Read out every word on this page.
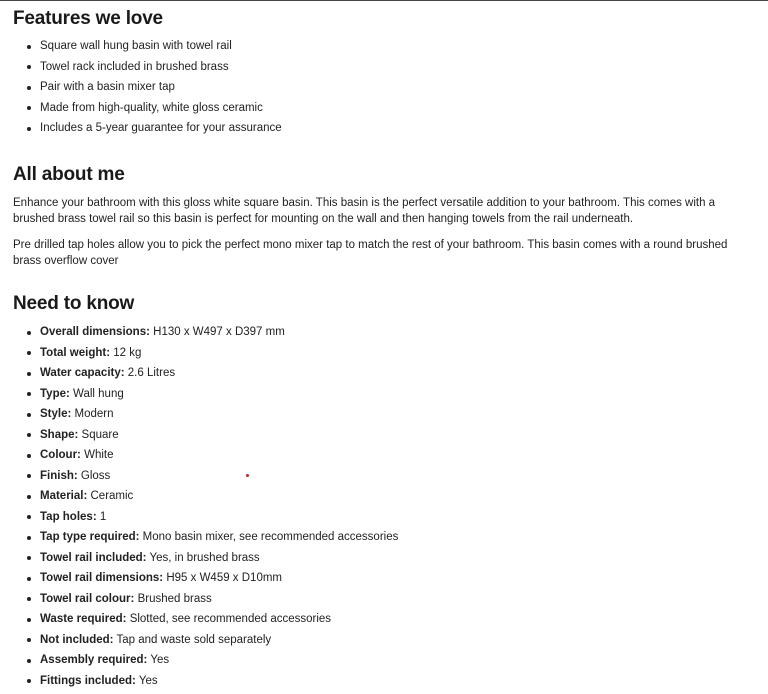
Features we love
Square wall hung basin with towel rail
Towel rack included in brushed brass
Pair with a basin mixer tap
Made from high-quality, white gloss ceramic
Includes a 5-year guarantee for your assurance
All about me

Enhance your bathroom with this gloss white square basin. This basin is the perfect versatile addition to your bathroom. This comes with a brushed brass towel rail so this basin is perfect for mounting on the wall and then hanging towels from the rail underneath.

Pre drilled tap holes allow you to pick the perfect mono mixer tap to match the rest of your bathroom. This basin comes with a round brushed brass overflow cover

Need to know
Overall dimensions: H130 x W497 x D397 mm
Total weight: 12 kg
Water capacity: 2.6 Litres
Type: Wall hung
Style: Modern
Shape: Square
Colour: White
Finish: Gloss
Material: Ceramic
Tap holes: 1
Tap type required: Mono basin mixer, see recommended accessories
Towel rail included: Yes, in brushed brass
Towel rail dimensions: H95 x W459 x D10mm
Towel rail colour: Brushed brass
Waste required: Slotted, see recommended accessories
Not included: Tap and waste sold separately
Assembly required: Yes
Fittings included: Yes
